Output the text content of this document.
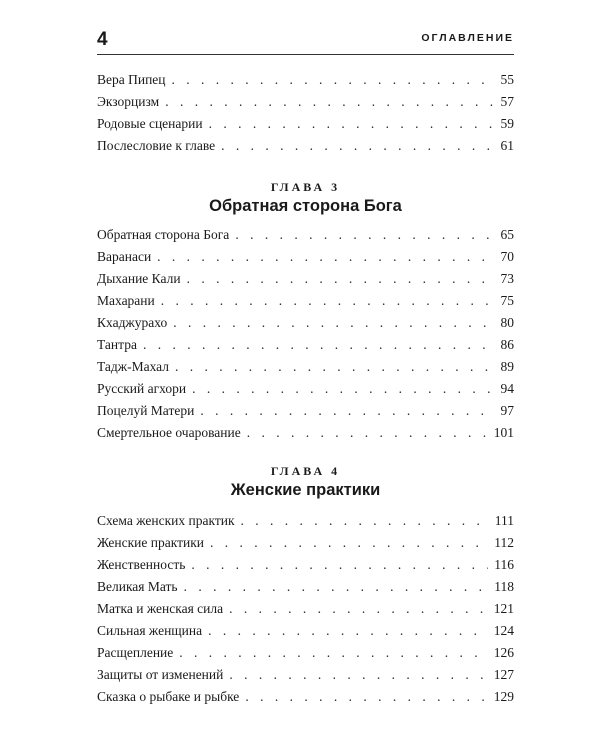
4	ОГЛАВЛЕНИЕ
Вера Пипец . . .	55
Экзорцизм . . .	57
Родовые сценарии . . .	59
Послесловие к главе . . .	61
ГЛАВА 3
Обратная сторона Бога
Обратная сторона Бога . . .	65
Варанаси . . .	70
Дыхание Кали . . .	73
Махарани . . .	75
Кхаджурахо . . .	80
Тантра . . .	86
Тадж-Махал . . .	89
Русский агхори . . .	94
Поцелуй Матери . . .	97
Смертельное очарование . . .	101
ГЛАВА 4
Женские практики
Схема женских практик . . .	111
Женские практики . . .	112
Женственность . . .	116
Великая Мать . . .	118
Матка и женская сила . . .	121
Сильная женщина . . .	124
Расщепление . . .	126
Защиты от изменений . . .	127
Сказка о рыбаке и рыбке . . .	129
